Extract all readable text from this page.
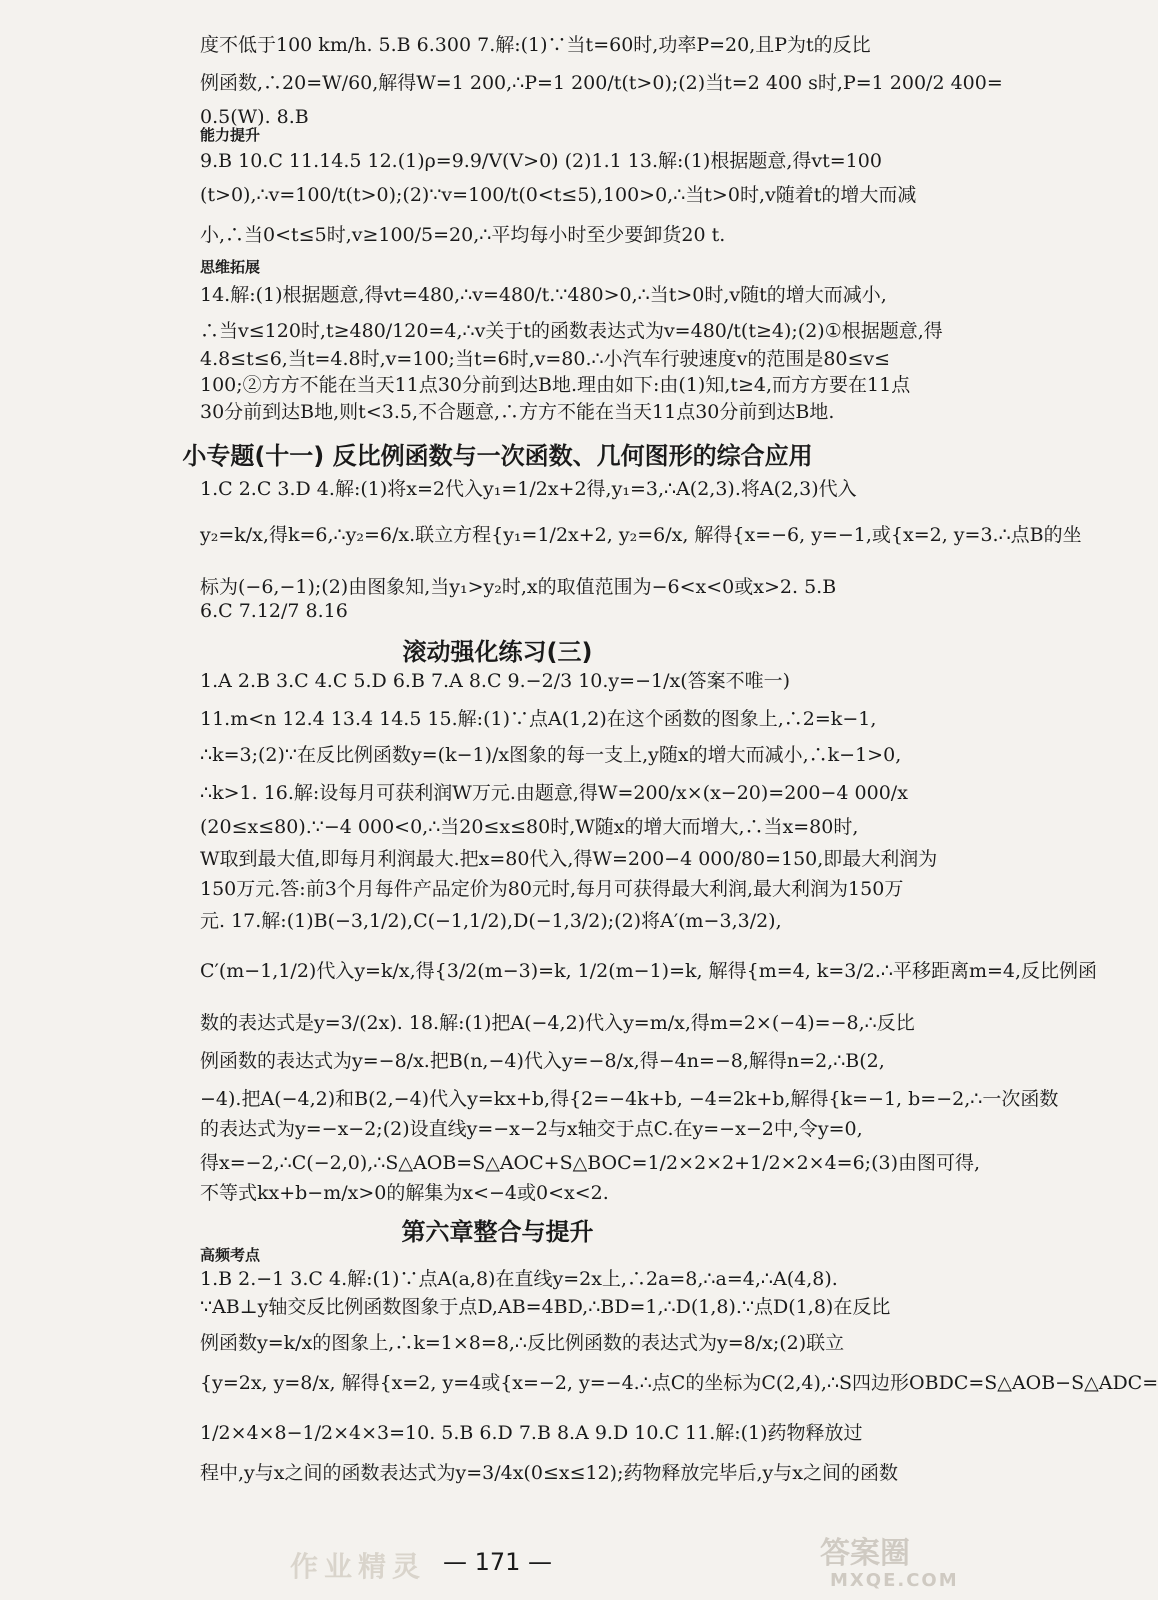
度不低于100 km/h. 5.B 6.300 7.解:(1)∵当t=60时,功率P=20,且P为t的反比
例函数,∴20=W/60,解得W=1 200,∴P=1 200/t(t>0);(2)当t=2 400 s时,P=1 200/2 400=
0.5(W). 8.B
能力提升
9.B 10.C 11.14.5 12.(1)ρ=9.9/V(V>0) (2)1.1 13.解:(1)根据题意,得vt=100
(t>0),∴v=100/t(t>0);(2)∵v=100/t(0<t≤5),100>0,∴当t>0时,v随着t的增大而减
小,∴当0<t≤5时,v≥100/5=20,∴平均每小时至少要卸货20 t.
思维拓展
14.解:(1)根据题意,得vt=480,∴v=480/t.∵480>0,∴当t>0时,v随t的增大而减小,
∴当v≤120时,t≥480/120=4,∴v关于t的函数表达式为v=480/t(t≥4);(2)①根据题意,得
4.8≤t≤6,当t=4.8时,v=100;当t=6时,v=80.∴小汽车行驶速度v的范围是80≤v≤
100;②方方不能在当天11点30分前到达B地.理由如下:由(1)知,t≥4,而方方要在11点
30分前到达B地,则t<3.5,不合题意,∴方方不能在当天11点30分前到达B地.
小专题(十一) 反比例函数与一次函数、几何图形的综合应用
1.C 2.C 3.D 4.解:(1)将x=2代入y₁=1/2x+2得,y₁=3,∴A(2,3).将A(2,3)代入
y₂=k/x,得k=6,∴y₂=6/x.联立方程{y₁=1/2x+2, y₂=6/x, 解得{x=−6, y=−1,或{x=2, y=3.∴点B的坐
标为(−6,−1);(2)由图象知,当y₁>y₂时,x的取值范围为−6<x<0或x>2. 5.B
6.C 7.12/7 8.16
滚动强化练习(三)
1.A 2.B 3.C 4.C 5.D 6.B 7.A 8.C 9.−2/3 10.y=−1/x(答案不唯一)
11.m<n 12.4 13.4 14.5 15.解:(1)∵点A(1,2)在这个函数的图象上,∴2=k−1,
∴k=3;(2)∵在反比例函数y=(k−1)/x图象的每一支上,y随x的增大而减小,∴k−1>0,
∴k>1. 16.解:设每月可获利润W万元.由题意,得W=200/x×(x−20)=200−4 000/x
(20≤x≤80).∵−4 000<0,∴当20≤x≤80时,W随x的增大而增大,∴当x=80时,
W取到最大值,即每月利润最大.把x=80代入,得W=200−4 000/80=150,即最大利润为
150万元.答:前3个月每件产品定价为80元时,每月可获得最大利润,最大利润为150万
元. 17.解:(1)B(−3,1/2),C(−1,1/2),D(−1,3/2);(2)将A′(m−3,3/2),
C′(m−1,1/2)代入y=k/x,得{3/2(m−3)=k, 1/2(m−1)=k, 解得{m=4, k=3/2.∴平移距离m=4,反比例函
数的表达式是y=3/(2x). 18.解:(1)把A(−4,2)代入y=m/x,得m=2×(−4)=−8,∴反比
例函数的表达式为y=−8/x.把B(n,−4)代入y=−8/x,得−4n=−8,解得n=2,∴B(2,
−4).把A(−4,2)和B(2,−4)代入y=kx+b,得{2=−4k+b, −4=2k+b,解得{k=−1, b=−2,∴一次函数
的表达式为y=−x−2;(2)设直线y=−x−2与x轴交于点C.在y=−x−2中,令y=0,
得x=−2,∴C(−2,0),∴S△AOB=S△AOC+S△BOC=1/2×2×2+1/2×2×4=6;(3)由图可得,
不等式kx+b−m/x>0的解集为x<−4或0<x<2.
第六章整合与提升
高频考点
1.B 2.−1 3.C 4.解:(1)∵点A(a,8)在直线y=2x上,∴2a=8,∴a=4,∴A(4,8).
∵AB⊥y轴交反比例函数图象于点D,AB=4BD,∴BD=1,∴D(1,8).∵点D(1,8)在反比
例函数y=k/x的图象上,∴k=1×8=8,∴反比例函数的表达式为y=8/x;(2)联立
{y=2x, y=8/x, 解得{x=2, y=4或{x=−2, y=−4.∴点C的坐标为C(2,4),∴S四边形OBDC=S△AOB−S△ADC=
1/2×4×8−1/2×4×3=10. 5.B 6.D 7.B 8.A 9.D 10.C 11.解:(1)药物释放过
程中,y与x之间的函数表达式为y=3/4x(0≤x≤12);药物释放完毕后,y与x之间的函数
作业精灵 — 171 —	答案圈
MXQE.COM
